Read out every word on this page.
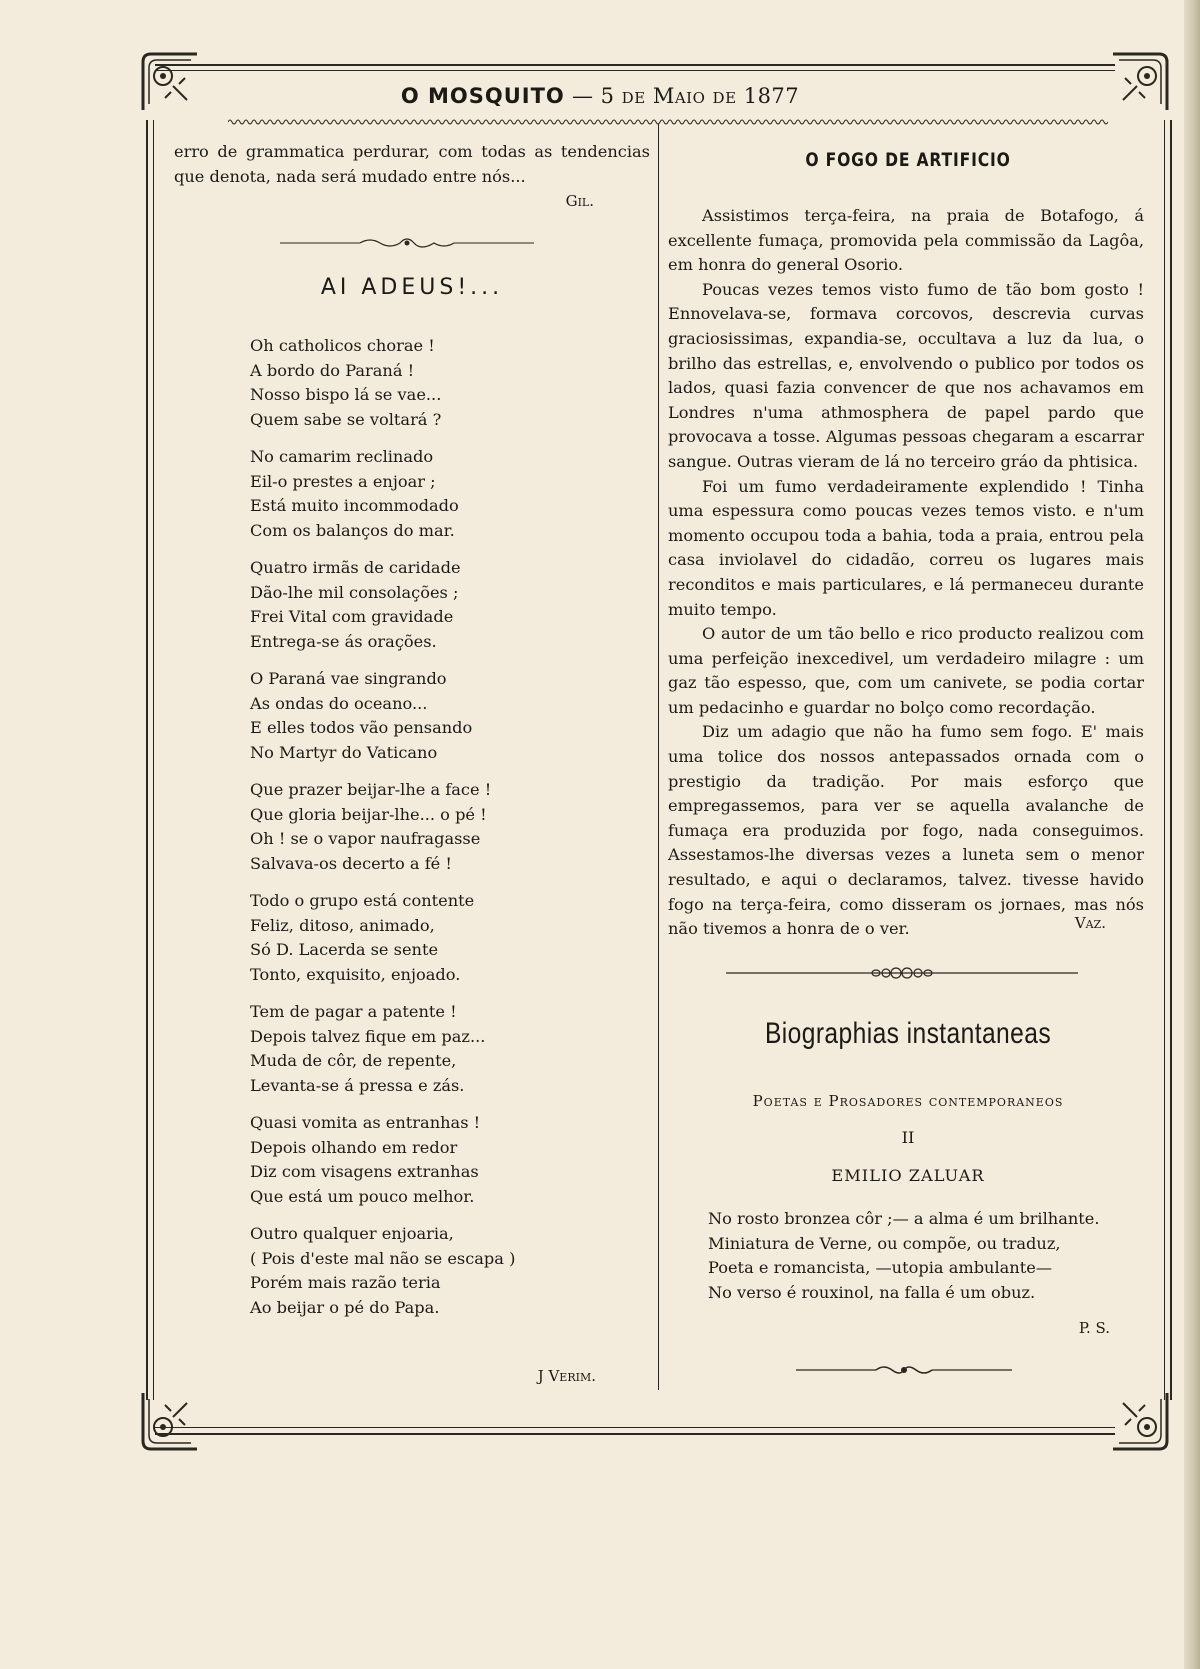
O MOSQUITO — 5 de Maio de 1877

erro de grammatica perdurar, com todas as tendencias que denota, nada será mudado entre nós...

Gil.
AI ADEUS!...
Oh catholicos chorae !
A bordo do Paraná !
Nosso bispo lá se vae...
Quem sabe se voltará ?
No camarim reclinado
Eil-o prestes a enjoar ;
Está muito incommodado
Com os balanços do mar.
Quatro irmãs de caridade
Dão-lhe mil consolações ;
Frei Vital com gravidade
Entrega-se ás orações.
O Paraná vae singrando
As ondas do oceano...
E elles todos vão pensando
No Martyr do Vaticano
Que prazer beijar-lhe a face !
Que gloria beijar-lhe... o pé !
Oh ! se o vapor naufragasse
Salvava-os decerto a fé !
Todo o grupo está contente
Feliz, ditoso, animado,
Só D. Lacerda se sente
Tonto, exquisito, enjoado.
Tem de pagar a patente !
Depois talvez fique em paz...
Muda de côr, de repente,
Levanta-se á pressa e zás.
Quasi vomita as entranhas !
Depois olhando em redor
Diz com visagens extranhas
Que está um pouco melhor.
Outro qualquer enjoaria,
( Pois d'este mal não se escapa )
Porém mais razão teria
Ao beijar o pé do Papa.
J Verim.
O FOGO DE ARTIFICIO

Assistimos terça-feira, na praia de Botafogo, á excellente fumaça, promovida pela commissão da Lagôa, em honra do general Osorio.

Poucas vezes temos visto fumo de tão bom gosto ! Ennovelava-se, formava corcovos, descrevia curvas graciosissimas, expandia-se, occultava a luz da lua, o brilho das estrellas, e, envolvendo o publico por todos os lados, quasi fazia convencer de que nos achavamos em Londres n'uma athmosphera de papel pardo que provocava a tosse. Algumas pessoas chegaram a escarrar sangue. Outras vieram de lá no terceiro gráo da phtisica.

Foi um fumo verdadeiramente explendido ! Tinha uma espessura como poucas vezes temos visto. e n'um momento occupou toda a bahia, toda a praia, entrou pela casa inviolavel do cidadão, correu os lugares mais reconditos e mais particulares, e lá permaneceu durante muito tempo.

O autor de um tão bello e rico producto realizou com uma perfeição inexcedivel, um verdadeiro milagre : um gaz tão espesso, que, com um canivete, se podia cortar um pedacinho e guardar no bolço como recordação.

Diz um adagio que não ha fumo sem fogo. E' mais uma tolice dos nossos antepassados ornada com o prestigio da tradição. Por mais esforço que empregassemos, para ver se aquella avalanche de fumaça era produzida por fogo, nada conseguimos. Assestamos-lhe diversas vezes a luneta sem o menor resultado, e aqui o declaramos, talvez. tivesse havido fogo na terça-feira, como disseram os jornaes, mas nós não tivemos a honra de o ver.	Vaz.
Biographias instantaneas
Poetas e Prosadores contemporaneos
II
EMILIO ZALUAR
No rosto bronzea côr ;— a alma é um brilhante.
Miniatura de Verne, ou compõe, ou traduz,
Poeta e romancista, —utopia ambulante—
No verso é rouxinol, na falla é um obuz.
P. S.
